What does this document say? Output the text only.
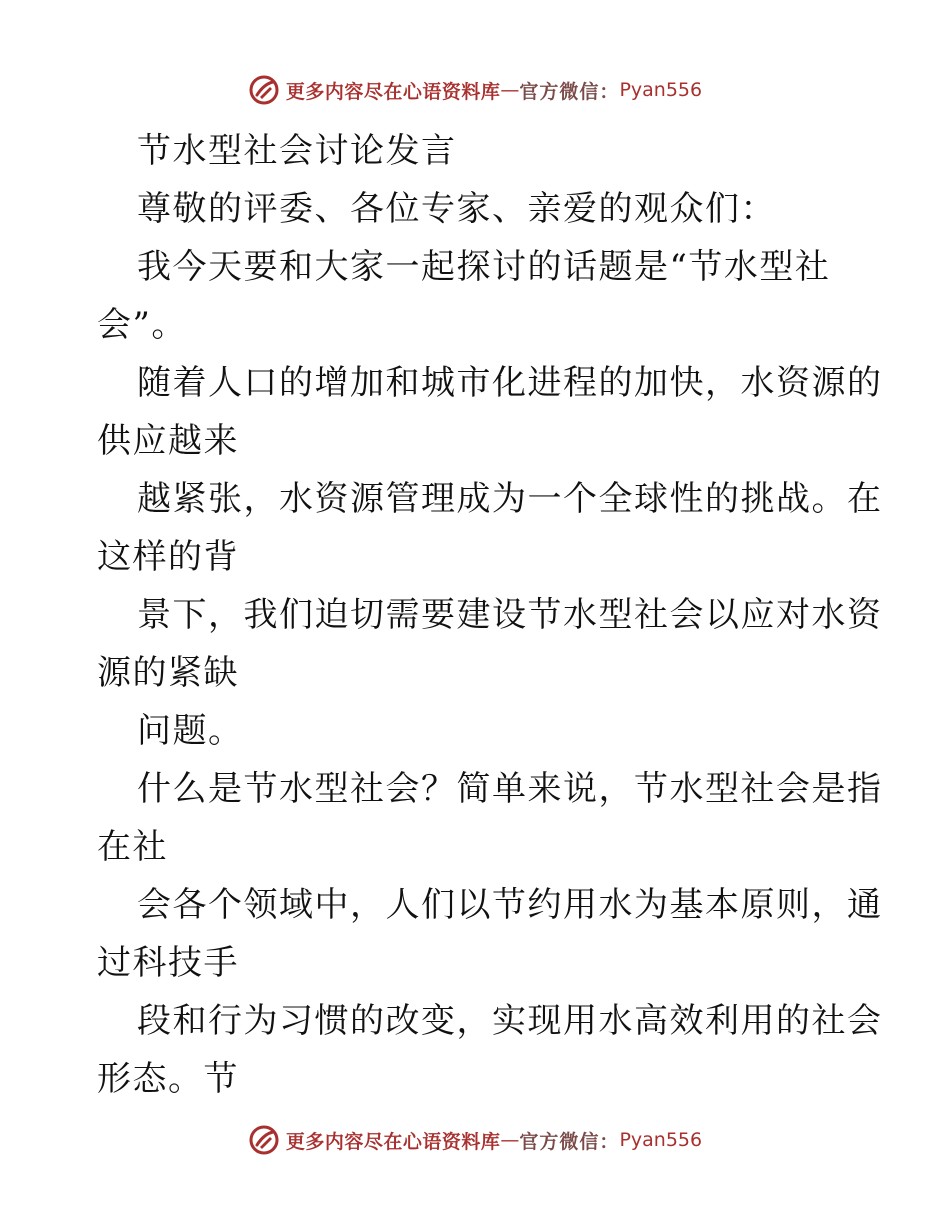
更多内容尽在心语资料库 — 官方微信： Pyan556
节水型社会讨论发言
尊敬的评委、各位专家、亲爱的观众们：
我今天要和大家一起探讨的话题是“节水型社
会”。
随着人口的增加和城市化进程的加快，水资源的
供应越来
越紧张，水资源管理成为一个全球性的挑战。在
这样的背
景下，我们迫切需要建设节水型社会以应对水资
源的紧缺
问题。
什么是节水型社会？简单来说，节水型社会是指
在社
会各个领域中，人们以节约用水为基本原则，通
过科技手
段和行为习惯的改变，实现用水高效利用的社会
形态。节
更多内容尽在心语资料库 — 官方微信： Pyan556
